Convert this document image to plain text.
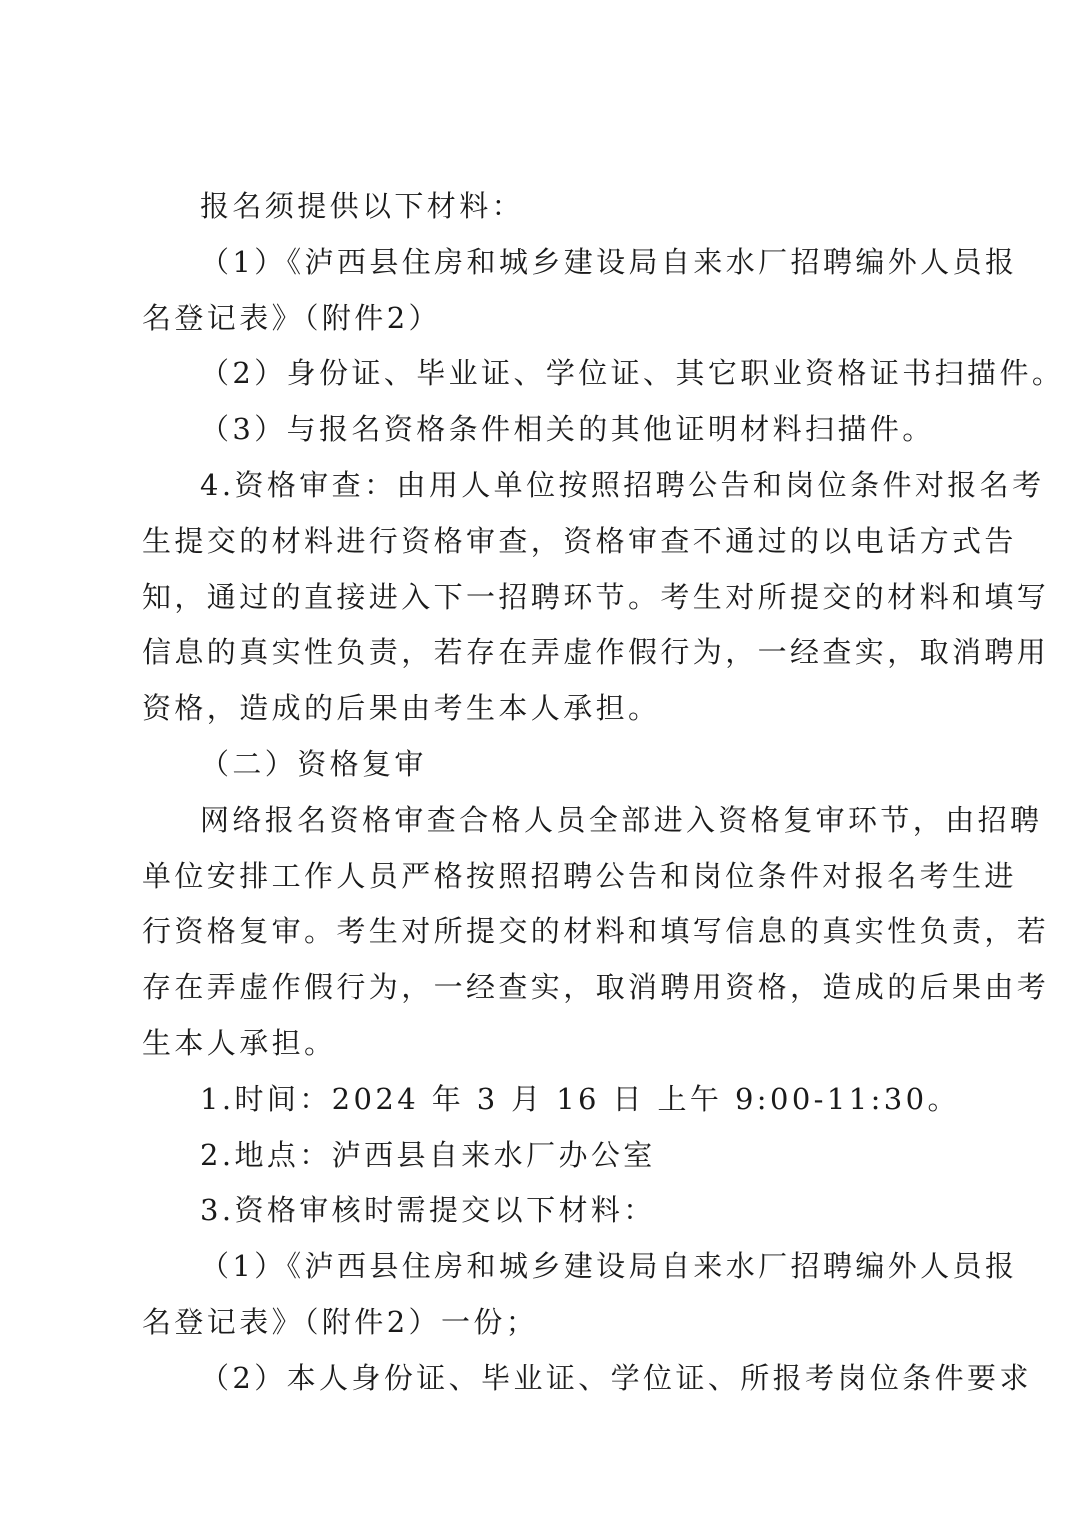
报名须提供以下材料：
（1）《泸西县住房和城乡建设局自来水厂招聘编外人员报
名登记表》（附件2）
（2）身份证、毕业证、学位证、其它职业资格证书扫描件。
（3）与报名资格条件相关的其他证明材料扫描件。
4.资格审查：由用人单位按照招聘公告和岗位条件对报名考
生提交的材料进行资格审查，资格审查不通过的以电话方式告
知，通过的直接进入下一招聘环节。考生对所提交的材料和填写
信息的真实性负责，若存在弄虚作假行为，一经查实，取消聘用
资格，造成的后果由考生本人承担。
（二）资格复审
网络报名资格审查合格人员全部进入资格复审环节，由招聘
单位安排工作人员严格按照招聘公告和岗位条件对报名考生进
行资格复审。考生对所提交的材料和填写信息的真实性负责，若
存在弄虚作假行为，一经查实，取消聘用资格，造成的后果由考
生本人承担。
1.时间：2024 年 3 月 16 日 上午 9:00-11:30。
2.地点：泸西县自来水厂办公室
3.资格审核时需提交以下材料：
（1）《泸西县住房和城乡建设局自来水厂招聘编外人员报
名登记表》（附件2）一份；
（2）本人身份证、毕业证、学位证、所报考岗位条件要求
